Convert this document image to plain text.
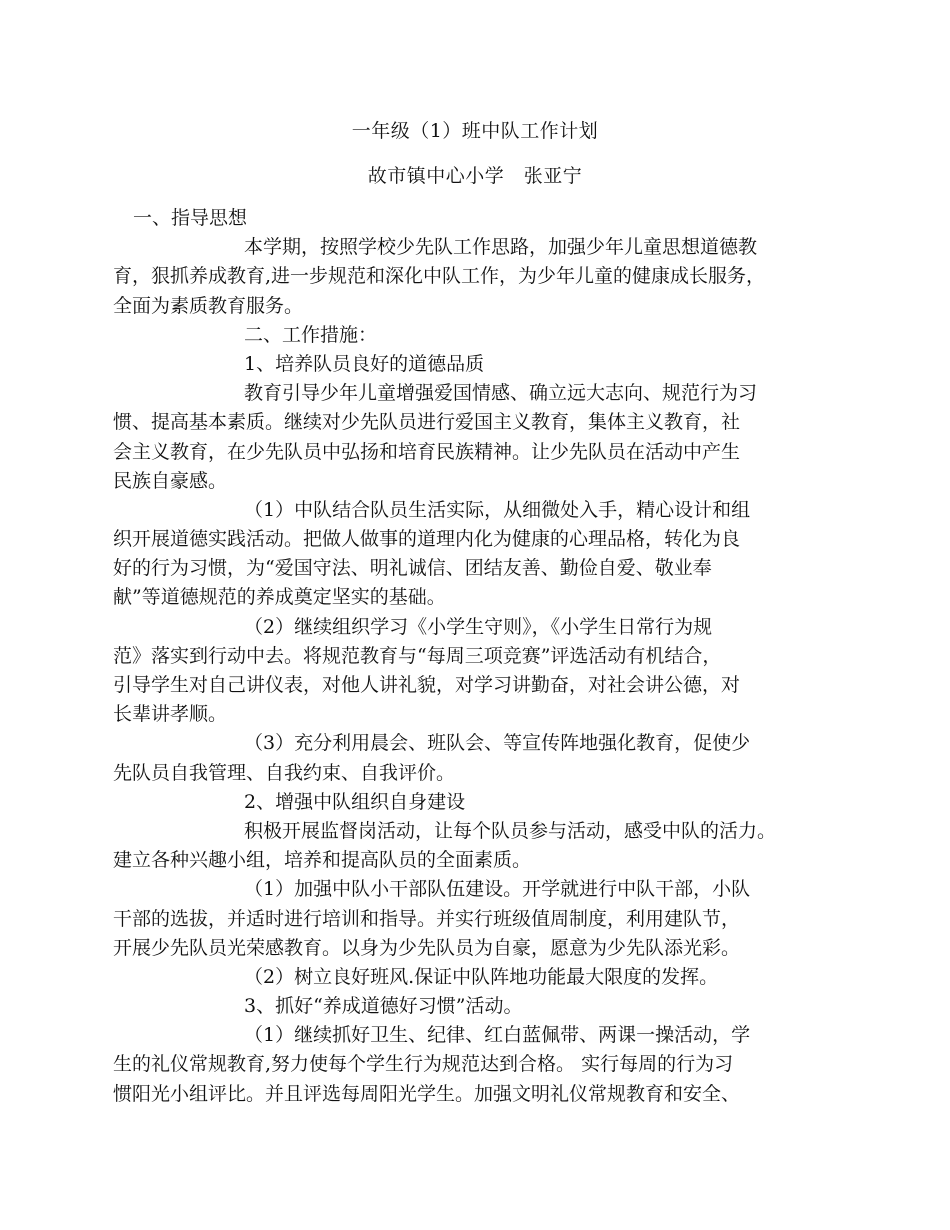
一年级（1）班中队工作计划
故市镇中心小学　张亚宁
一、指导思想
本学期，按照学校少先队工作思路，加强少年儿童思想道德教
育，狠抓养成教育,进一步规范和深化中队工作，为少年儿童的健康成长服务，
全面为素质教育服务。
二、工作措施：
1、培养队员良好的道德品质
教育引导少年儿童增强爱国情感、确立远大志向、规范行为习
惯、提高基本素质。继续对少先队员进行爱国主义教育，集体主义教育，社
会主义教育，在少先队员中弘扬和培育民族精神。让少先队员在活动中产生
民族自豪感。
（1）中队结合队员生活实际，从细微处入手，精心设计和组
织开展道德实践活动。把做人做事的道理内化为健康的心理品格，转化为良
好的行为习惯，为“爱国守法、明礼诚信、团结友善、勤俭自爱、敬业奉
献”等道德规范的养成奠定坚实的基础。
（2）继续组织学习《小学生守则》，《小学生日常行为规
范》落实到行动中去。将规范教育与“每周三项竞赛”评选活动有机结合，
引导学生对自己讲仪表，对他人讲礼貌，对学习讲勤奋，对社会讲公德，对
长辈讲孝顺。
（3）充分利用晨会、班队会、等宣传阵地强化教育，促使少
先队员自我管理、自我约束、自我评价。
2、增强中队组织自身建设
积极开展监督岗活动，让每个队员参与活动，感受中队的活力。
建立各种兴趣小组，培养和提高队员的全面素质。
（1）加强中队小干部队伍建设。开学就进行中队干部，小队
干部的选拔，并适时进行培训和指导。并实行班级值周制度，利用建队节，
开展少先队员光荣感教育。以身为少先队员为自豪，愿意为少先队添光彩。
（2）树立良好班风.保证中队阵地功能最大限度的发挥。
3、抓好“养成道德好习惯”活动。
（1）继续抓好卫生、纪律、红白蓝佩带、两课一操活动，学
生的礼仪常规教育,努力使每个学生行为规范达到合格。 实行每周的行为习
惯阳光小组评比。并且评选每周阳光学生。加强文明礼仪常规教育和安全、
